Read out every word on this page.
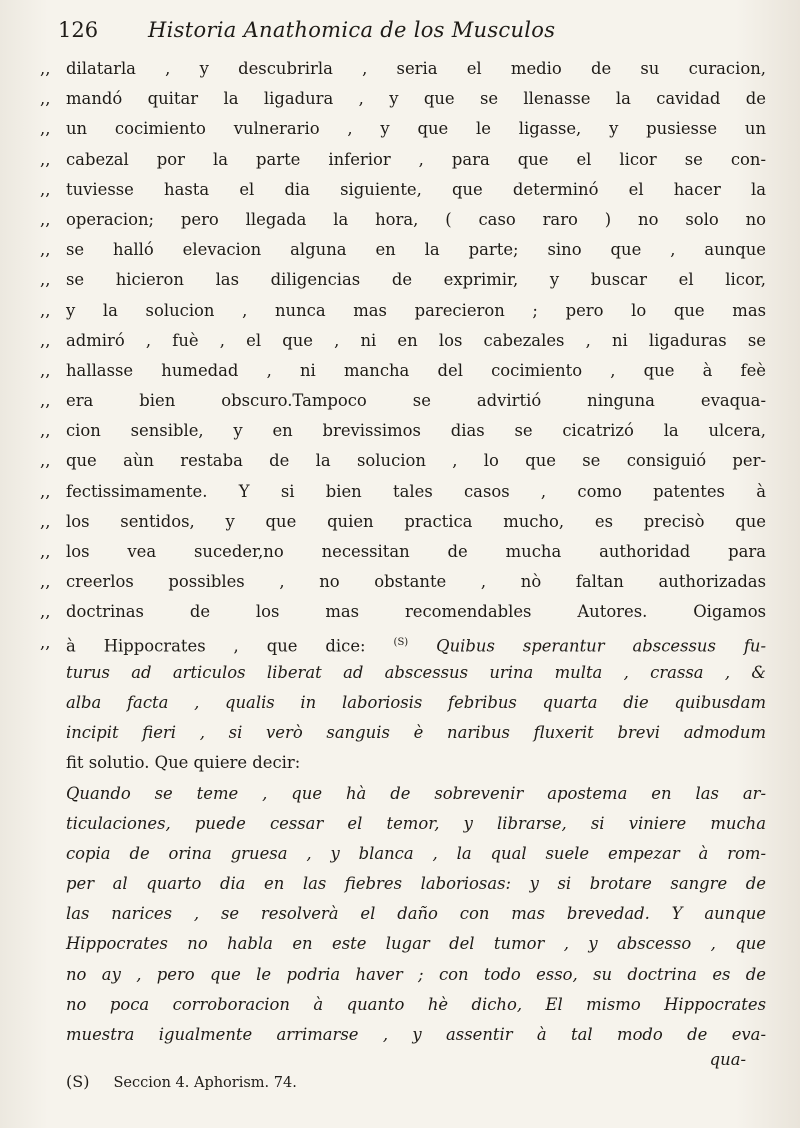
126	Historia Anathomica de los Musculos
,, dilatarla , y descubrirla , seria el medio de su curacion,
,, mandó quitar la ligadura , y que se llenasse la cavidad de
,, un cocimiento vulnerario , y que le ligasse, y pusiesse un
,, cabezal por la parte inferior , para que el licor se con-
,, tuviesse hasta el dia siguiente, que determinó el hacer la
,, operacion; pero llegada la hora, ( caso raro ) no solo no
,, se halló elevacion alguna en la parte; sino que , aunque
,, se hicieron las diligencias de exprimir, y buscar el licor,
,, y la solucion , nunca mas parecieron ; pero lo que mas
,, admiró , fuè , el que , ni en los cabezales , ni ligaduras se
,, hallasse humedad , ni mancha del cocimiento , que à feè
,, era bien obscuro.Tampoco se advirtió ninguna evaqua-
,, cion sensible, y en brevissimos dias se cicatrizó la ulcera,
,, que aùn restaba de la solucion , lo que se consiguió per-
,, fectissimamente. Y si bien tales casos , como patentes à
,, los sentidos, y que quien practica mucho, es precisò que
,, los vea suceder,no necessitan de mucha authoridad para
,, creerlos possibles , no obstante , nò faltan authorizadas
,, doctrinas de los mas recomendables Autores. Oigamos
,, à Hippocrates , que dice:	$^{(S)}$ Quibus sperantur abscessus fu-
turus ad articulos liberat ad abscessus urina multa , crassa , &
alba facta , qualis in laboriosis febribus quarta die quibusdam
incipit fieri , si verò sanguis è naribus fluxerit brevi admodum
fit solutio. Que quiere decir:
Quando se teme , que hà de sobrevenir apostema en las ar-
ticulaciones, puede cessar el temor, y librarse, si viniere mucha
copia de orina gruesa , y blanca , la qual suele empezar à rom-
per al quarto dia en las fiebres laboriosas: y si brotare sangre de
las narices , se resolverà el daño con mas brevedad. Y aunque
Hippocrates no habla en este lugar del tumor , y abscesso , que
no ay , pero que le podria haver ; con todo esso, su doctrina es de
no poca corroboracion à quanto hè dicho, El mismo Hippocrates
muestra igualmente arrimarse , y assentir à tal modo de eva-
qua-
(S)	Seccion 4. Aphorism. 74.
